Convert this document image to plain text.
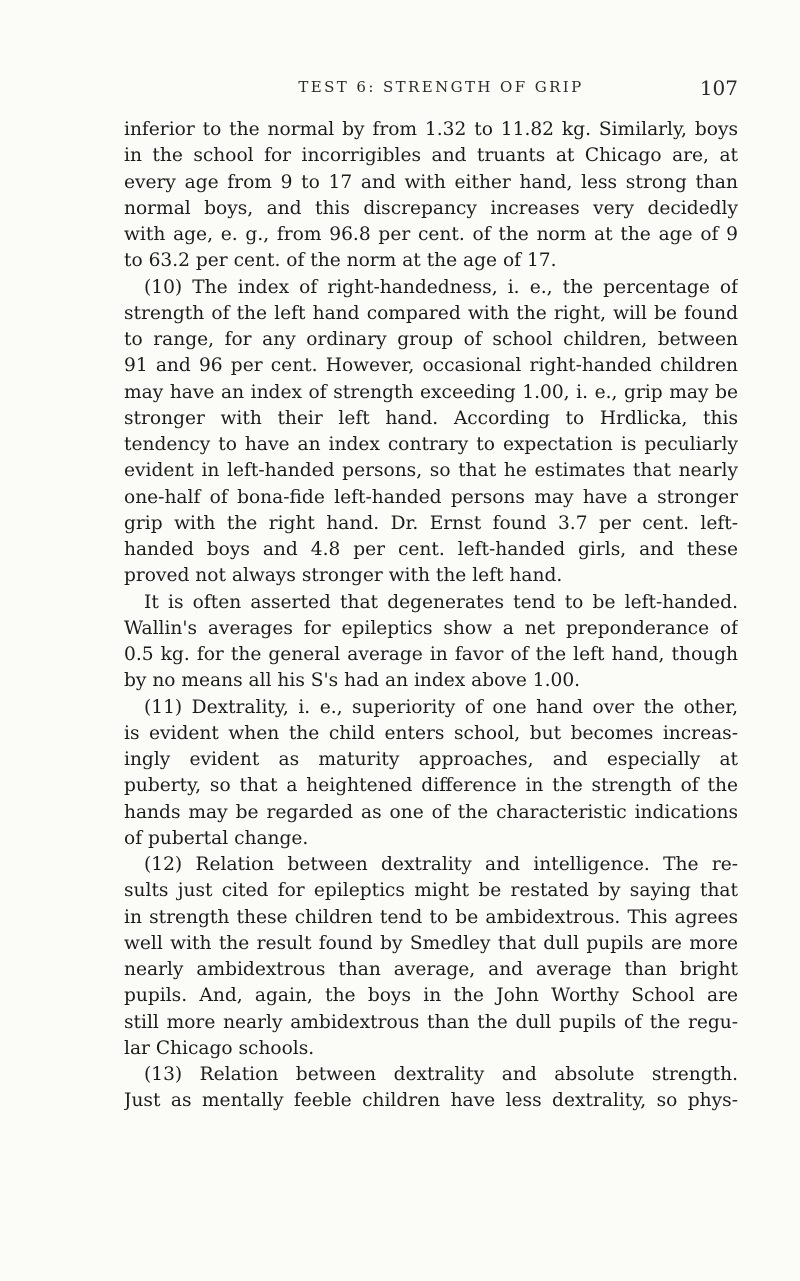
TEST 6: STRENGTH OF GRIP	107
inferior to the normal by from 1.32 to 11.82 kg. Similarly, boys
in the school for incorrigibles and truants at Chicago are, at
every age from 9 to 17 and with either hand, less strong than
normal boys, and this discrepancy increases very decidedly
with age, e. g., from 96.8 per cent. of the norm at the age of 9
to 63.2 per cent. of the norm at the age of 17.
(10) The index of right-handedness, i. e., the percentage of
strength of the left hand compared with the right, will be found
to range, for any ordinary group of school children, between
91 and 96 per cent. However, occasional right-handed children
may have an index of strength exceeding 1.00, i. e., grip may be
stronger with their left hand. According to Hrdlicka, this
tendency to have an index contrary to expectation is peculiarly
evident in left-handed persons, so that he estimates that nearly
one-half of bona-fide left-handed persons may have a stronger
grip with the right hand. Dr. Ernst found 3.7 per cent. left-
handed boys and 4.8 per cent. left-handed girls, and these
proved not always stronger with the left hand.
It is often asserted that degenerates tend to be left-handed.
Wallin's averages for epileptics show a net preponderance of
0.5 kg. for the general average in favor of the left hand, though
by no means all his S's had an index above 1.00.
(11) Dextrality, i. e., superiority of one hand over the other,
is evident when the child enters school, but becomes increas-
ingly evident as maturity approaches, and especially at
puberty, so that a heightened difference in the strength of the
hands may be regarded as one of the characteristic indications
of pubertal change.
(12) Relation between dextrality and intelligence. The re-
sults just cited for epileptics might be restated by saying that
in strength these children tend to be ambidextrous. This agrees
well with the result found by Smedley that dull pupils are more
nearly ambidextrous than average, and average than bright
pupils. And, again, the boys in the John Worthy School are
still more nearly ambidextrous than the dull pupils of the regu-
lar Chicago schools.
(13) Relation between dextrality and absolute strength.
Just as mentally feeble children have less dextrality, so phys-
